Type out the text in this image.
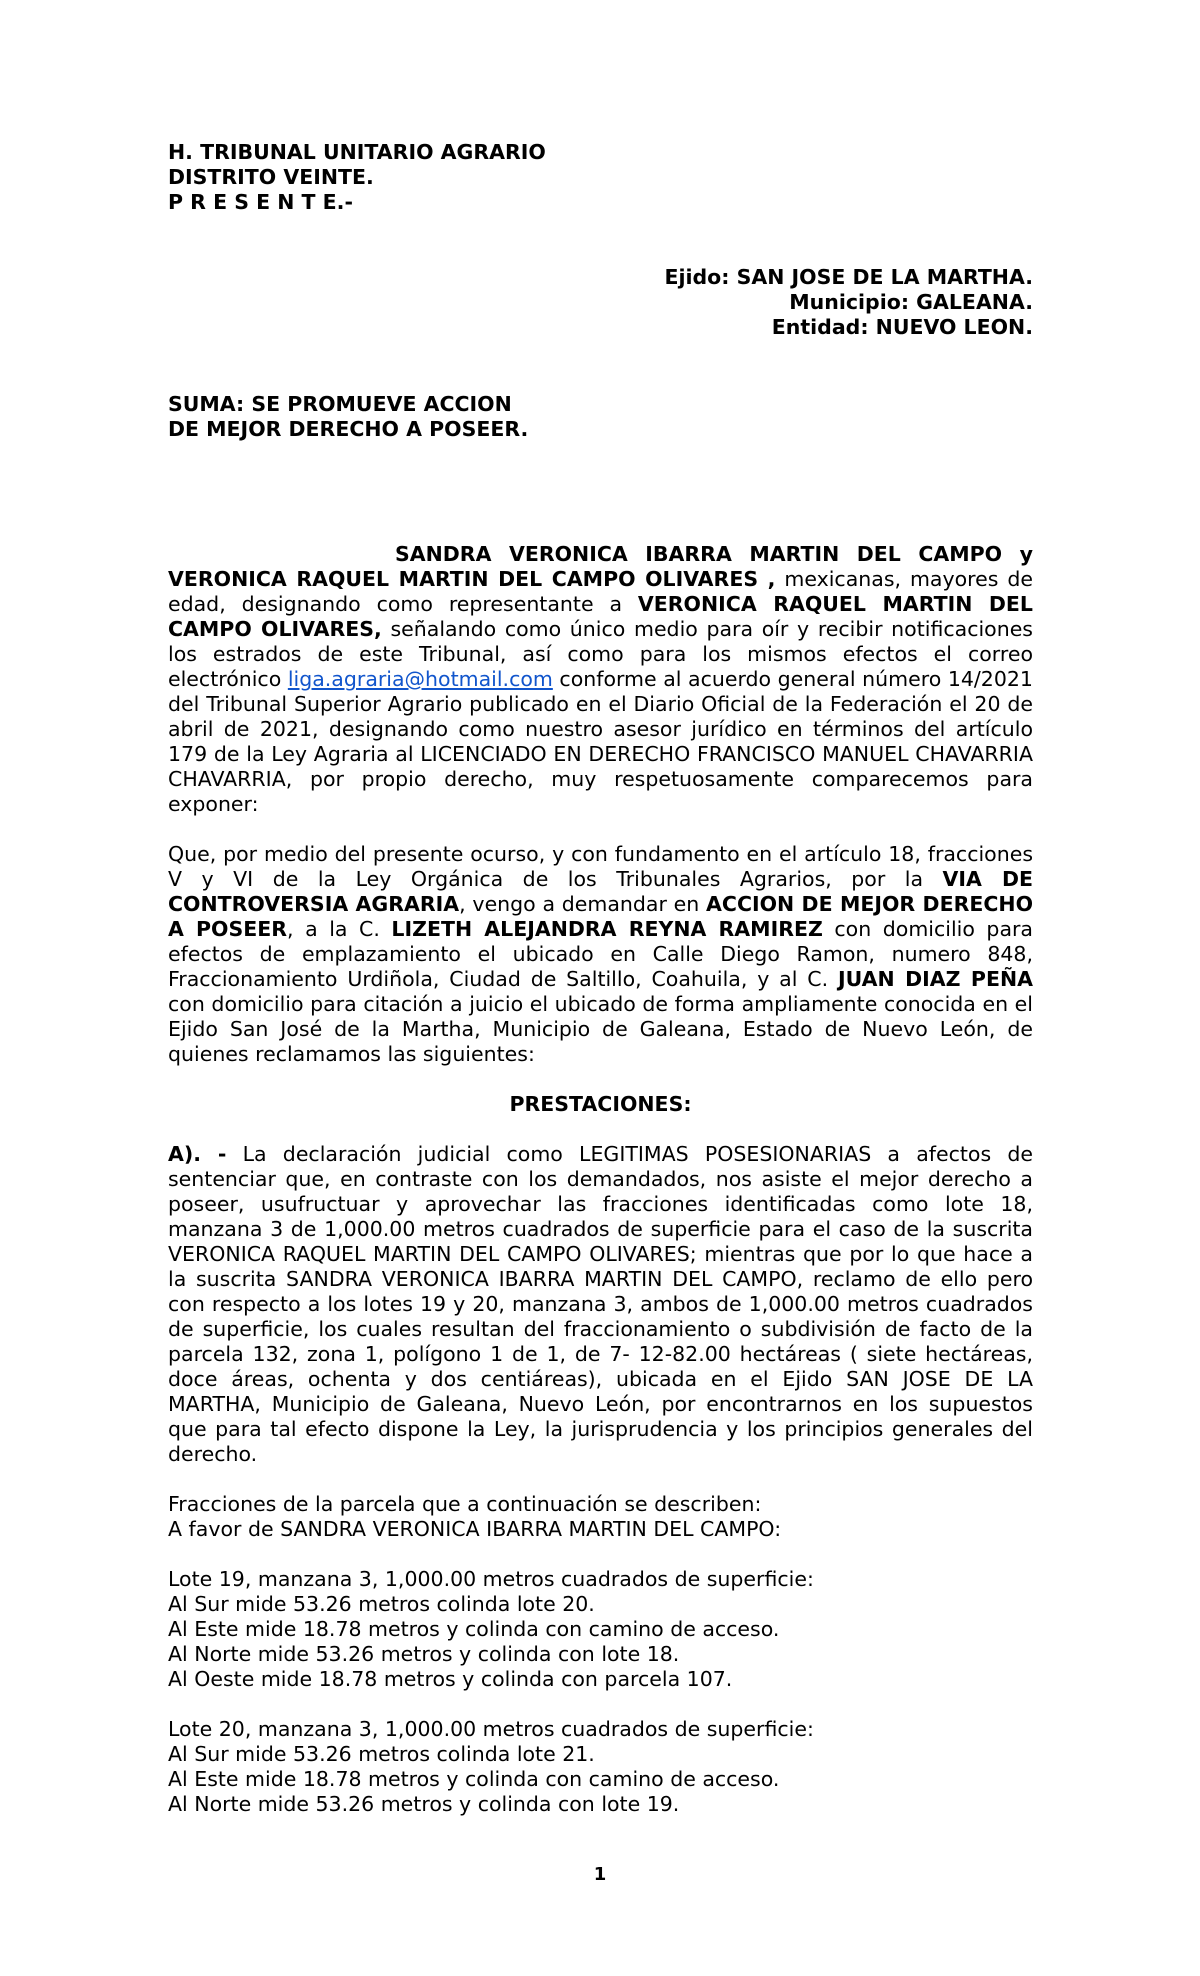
H. TRIBUNAL UNITARIO AGRARIO
DISTRITO VEINTE.
P R E S E N T E.-
Ejido: SAN JOSE DE LA MARTHA.
Municipio: GALEANA.
Entidad: NUEVO LEON.
SUMA: SE PROMUEVE ACCION
DE MEJOR DERECHO A POSEER.

SANDRA VERONICA IBARRA MARTIN DEL CAMPO y VERONICA RAQUEL MARTIN DEL CAMPO OLIVARES , mexicanas, mayores de edad, designando como representante a VERONICA RAQUEL MARTIN DEL CAMPO OLIVARES, señalando como único medio para oír y recibir notificaciones los estrados de este Tribunal, así como para los mismos efectos el correo electrónico liga.agraria@hotmail.com conforme al acuerdo general número 14/2021 del Tribunal Superior Agrario publicado en el Diario Oficial de la Federación el 20 de abril de 2021, designando como nuestro asesor jurídico en términos del artículo 179 de la Ley Agraria al LICENCIADO EN DERECHO FRANCISCO MANUEL CHAVARRIA CHAVARRIA, por propio derecho, muy respetuosamente comparecemos para exponer:

Que, por medio del presente ocurso, y con fundamento en el artículo 18, fracciones V y VI de la Ley Orgánica de los Tribunales Agrarios, por la VIA DE CONTROVERSIA AGRARIA, vengo a demandar en ACCION DE MEJOR DERECHO A POSEER, a la C. LIZETH ALEJANDRA REYNA RAMIREZ con domicilio para efectos de emplazamiento el ubicado en Calle Diego Ramon, numero 848, Fraccionamiento Urdiñola, Ciudad de Saltillo, Coahuila, y al C. JUAN DIAZ PEÑA con domicilio para citación a juicio el ubicado de forma ampliamente conocida en el Ejido San José de la Martha, Municipio de Galeana, Estado de Nuevo León, de quienes reclamamos las siguientes:

PRESTACIONES:

A). - La declaración judicial como LEGITIMAS POSESIONARIAS a afectos de sentenciar que, en contraste con los demandados, nos asiste el mejor derecho a poseer, usufructuar y aprovechar las fracciones identificadas como lote 18, manzana 3 de 1,000.00 metros cuadrados de superficie para el caso de la suscrita VERONICA RAQUEL MARTIN DEL CAMPO OLIVARES; mientras que por lo que hace a la suscrita SANDRA VERONICA IBARRA MARTIN DEL CAMPO, reclamo de ello pero con respecto a los lotes 19 y 20, manzana 3, ambos de 1,000.00 metros cuadrados de superficie, los cuales resultan del fraccionamiento o subdivisión de facto de la parcela 132, zona 1, polígono 1 de 1, de 7- 12-82.00 hectáreas ( siete hectáreas, doce áreas, ochenta y dos centiáreas), ubicada en el Ejido SAN JOSE DE LA MARTHA, Municipio de Galeana, Nuevo León, por encontrarnos en los supuestos que para tal efecto dispone la Ley, la jurisprudencia y los principios generales del derecho.

Fracciones de la parcela que a continuación se describen:
A favor de SANDRA VERONICA IBARRA MARTIN DEL CAMPO:
Lote 19, manzana 3, 1,000.00 metros cuadrados de superficie:
Al Sur mide 53.26 metros colinda lote 20.
Al Este mide 18.78 metros y colinda con camino de acceso.
Al Norte mide 53.26 metros y colinda con lote 18.
Al Oeste mide 18.78 metros y colinda con parcela 107.
Lote 20, manzana 3, 1,000.00 metros cuadrados de superficie:
Al Sur mide 53.26 metros colinda lote 21.
Al Este mide 18.78 metros y colinda con camino de acceso.
Al Norte mide 53.26 metros y colinda con lote 19.
1
